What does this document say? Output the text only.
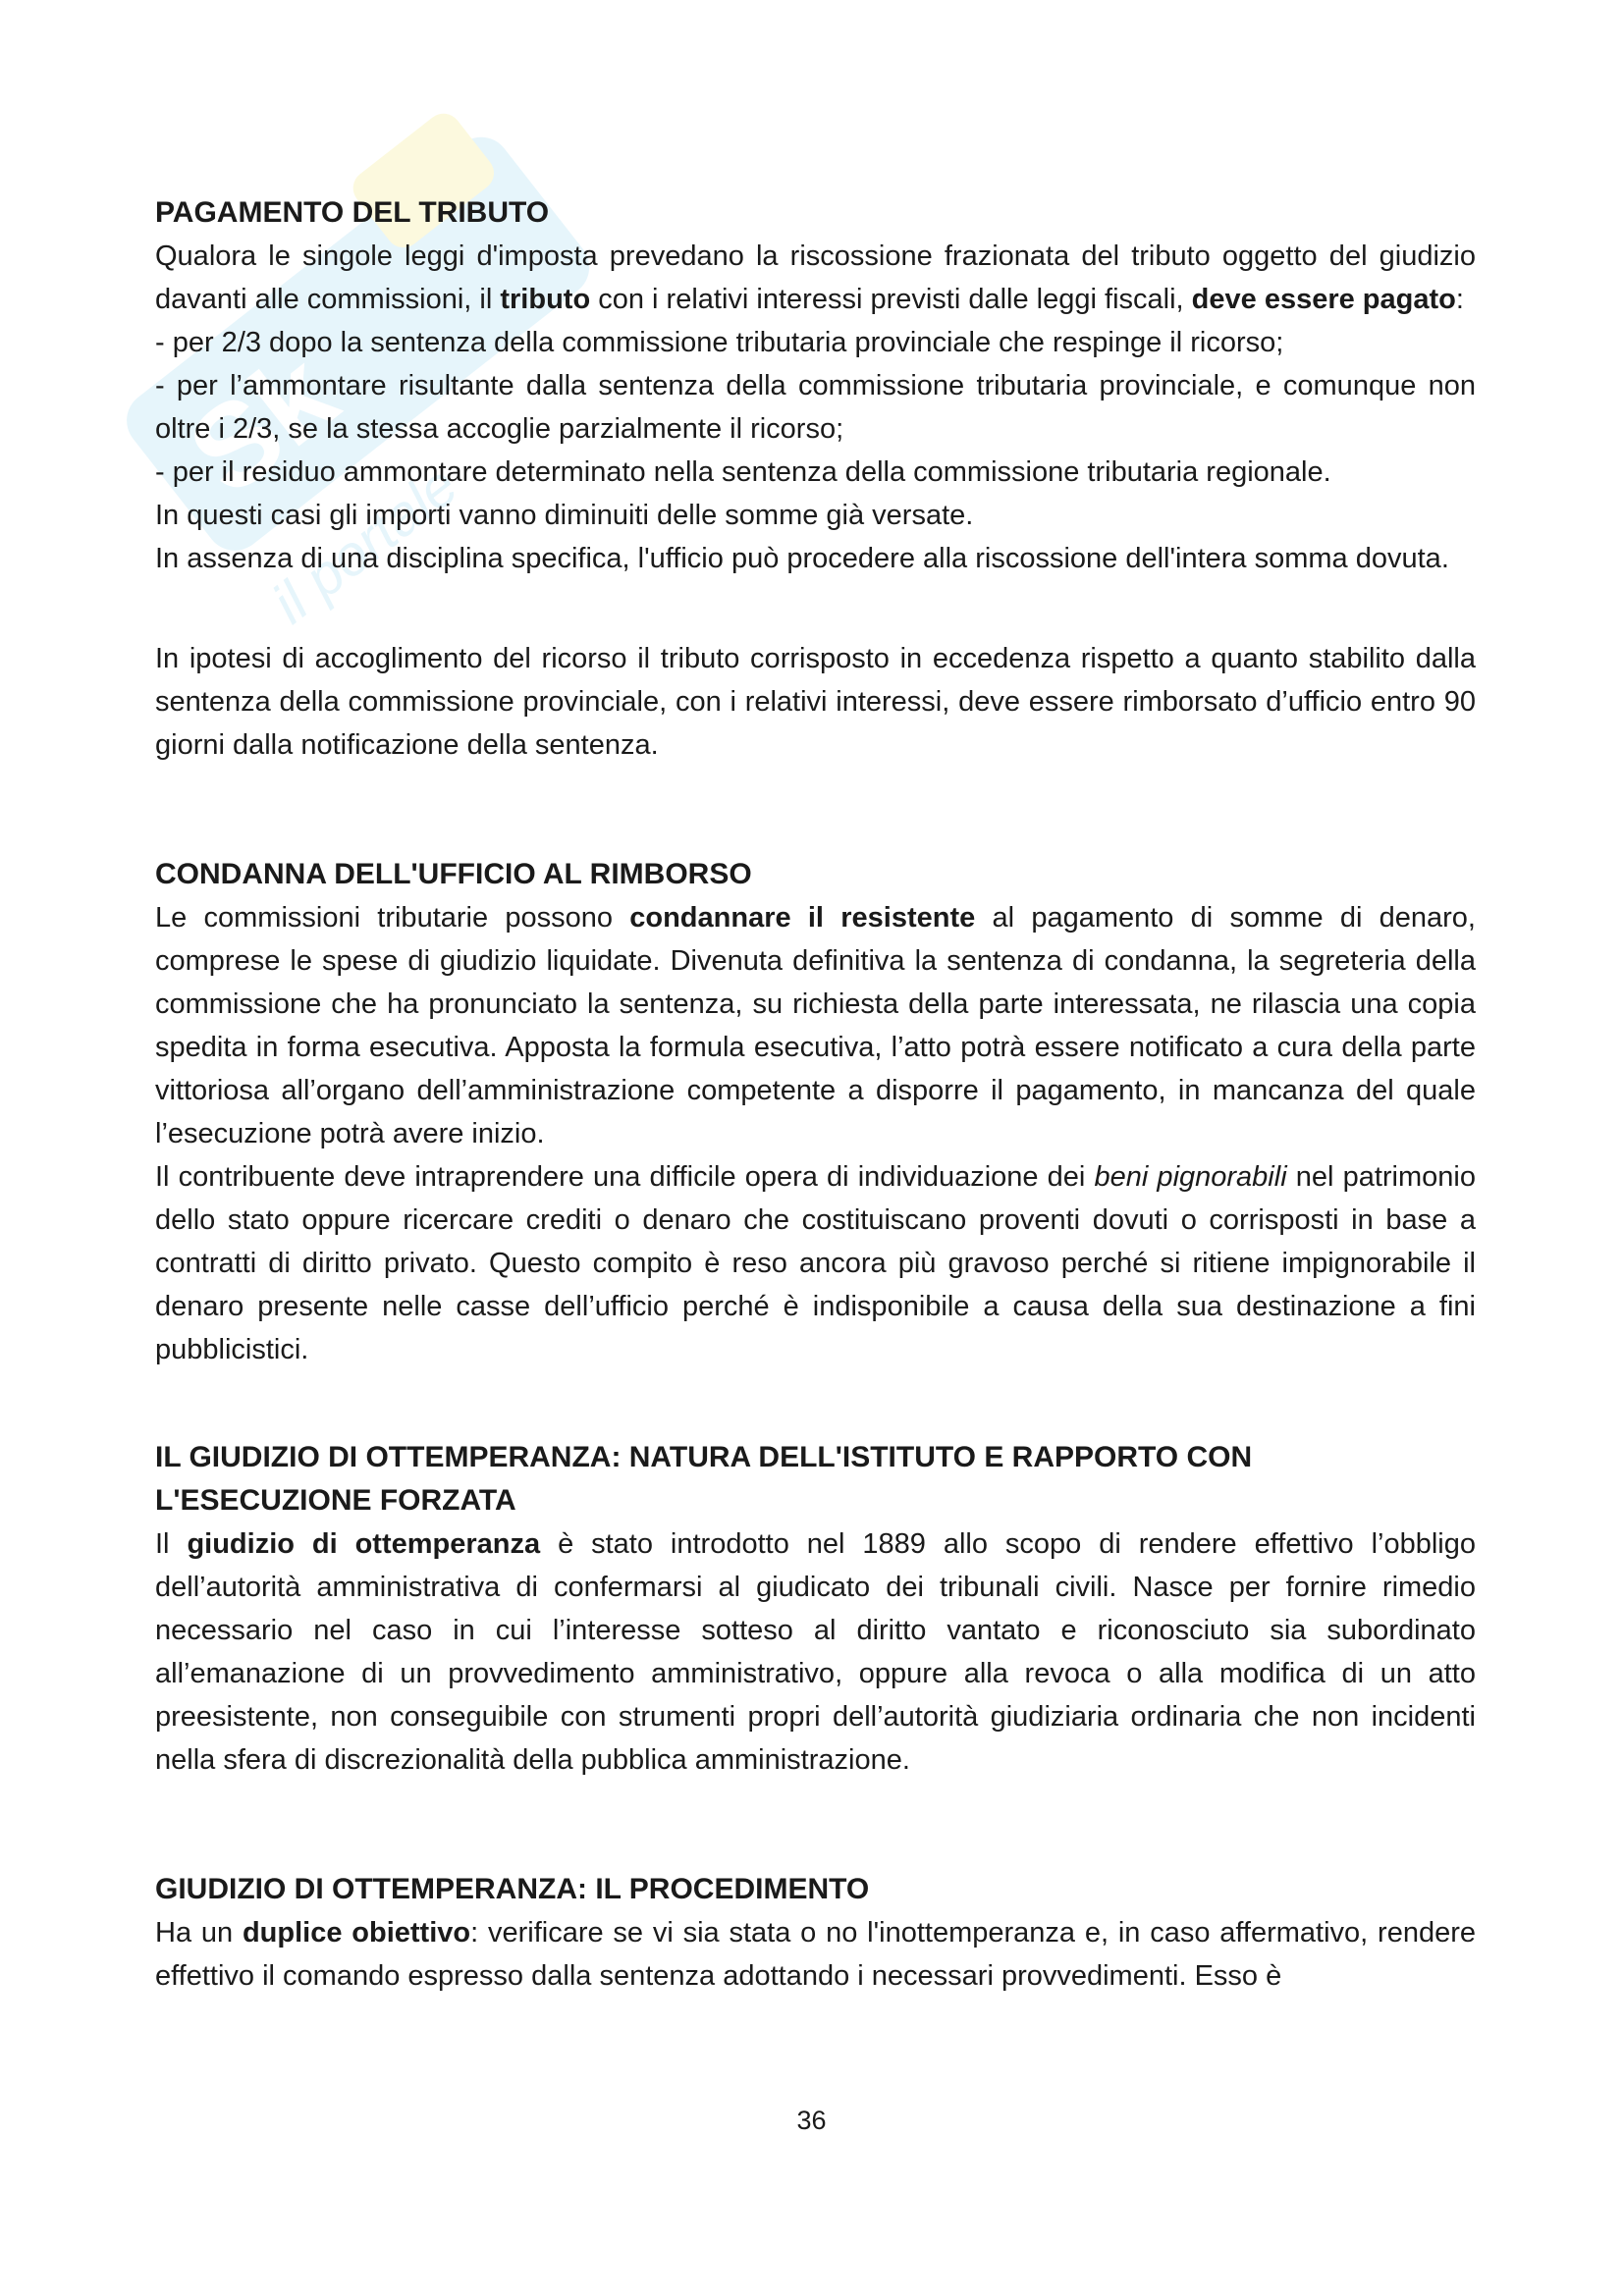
Sk
il portale
PAGAMENTO DEL TRIBUTO

Qualora le singole leggi d'imposta prevedano la riscossione frazionata del tributo oggetto del giudizio davanti alle commissioni, il tributo con i relativi interessi previsti dalle leggi fiscali, deve essere pagato:

- per 2/3 dopo la sentenza della commissione tributaria provinciale che respinge il ricorso;

- per l’ammontare risultante dalla sentenza della commissione tributaria provinciale, e comunque non oltre i 2/3, se la stessa accoglie parzialmente il ricorso;

- per il residuo ammontare determinato nella sentenza della commissione tributaria regionale.

In questi casi gli importi vanno diminuiti delle somme già versate.

In assenza di una disciplina specifica, l'ufficio può procedere alla riscossione dell'intera somma dovuta.

In ipotesi di accoglimento del ricorso il tributo corrisposto in eccedenza rispetto a quanto stabilito dalla sentenza della commissione provinciale, con i relativi interessi, deve essere rimborsato d’ufficio entro 90 giorni dalla notificazione della sentenza.

CONDANNA DELL'UFFICIO AL RIMBORSO

Le commissioni tributarie possono condannare il resistente al pagamento di somme di denaro, comprese le spese di giudizio liquidate. Divenuta definitiva la sentenza di condanna, la segreteria della commissione che ha pronunciato la sentenza, su richiesta della parte interessata, ne rilascia una copia spedita in forma esecutiva. Apposta la formula esecutiva, l’atto potrà essere notificato a cura della parte vittoriosa all’organo dell’amministrazione competente a disporre il pagamento, in mancanza del quale l’esecuzione potrà avere inizio.

Il contribuente deve intraprendere una difficile opera di individuazione dei beni pignorabili nel patrimonio dello stato oppure ricercare crediti o denaro che costituiscano proventi dovuti o corrisposti in base a contratti di diritto privato. Questo compito è reso ancora più gravoso perché si ritiene impignorabile il denaro presente nelle casse dell’ufficio perché è indisponibile a causa della sua destinazione a fini pubblicistici.

IL GIUDIZIO DI OTTEMPERANZA: NATURA DELL'ISTITUTO E RAPPORTO CON L'ESECUZIONE FORZATA

Il giudizio di ottemperanza è stato introdotto nel 1889 allo scopo di rendere effettivo l’obbligo dell’autorità amministrativa di confermarsi al giudicato dei tribunali civili. Nasce per fornire rimedio necessario nel caso in cui l’interesse sotteso al diritto vantato e riconosciuto sia subordinato all’emanazione di un provvedimento amministrativo, oppure alla revoca o alla modifica di un atto preesistente, non conseguibile con strumenti propri dell’autorità giudiziaria ordinaria che non incidenti nella sfera di discrezionalità della pubblica amministrazione.

GIUDIZIO DI OTTEMPERANZA: IL PROCEDIMENTO

Ha un duplice obiettivo: verificare se vi sia stata o no l'inottemperanza e, in caso affermativo, rendere effettivo il comando espresso dalla sentenza adottando i necessari provvedimenti. Esso è

36
